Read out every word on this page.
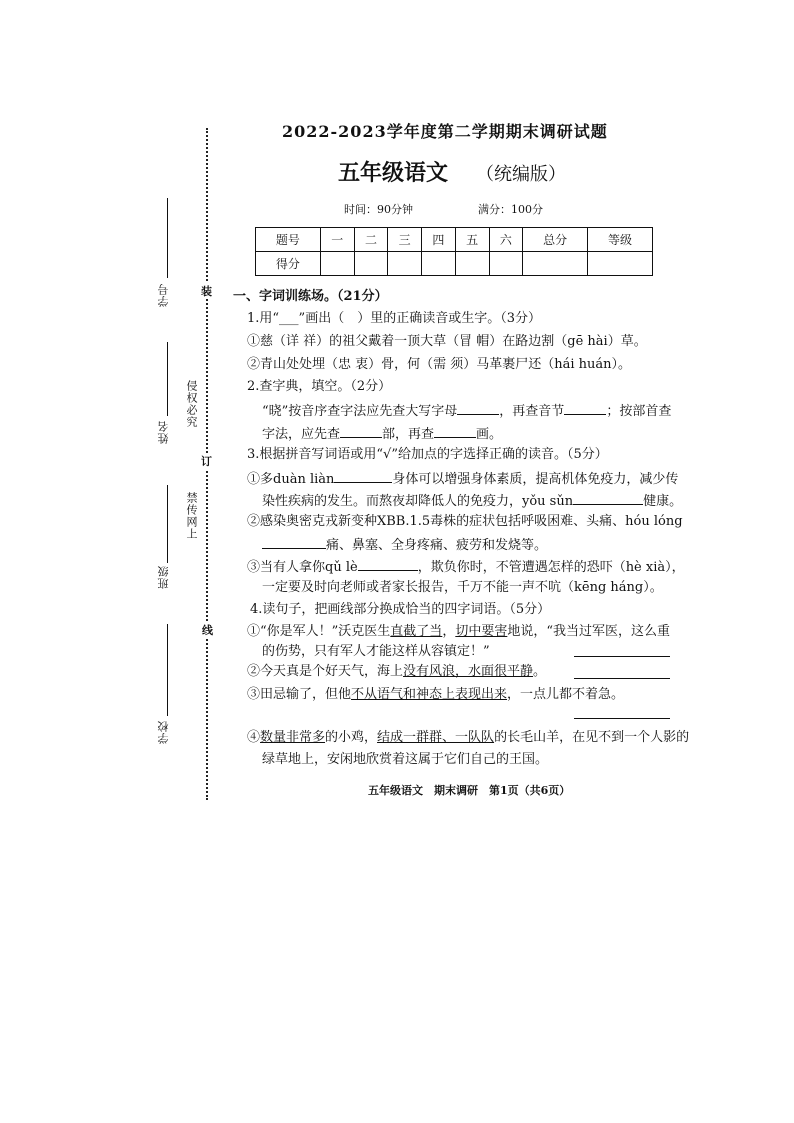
装
订
线
学号
姓名
侵权必究
班级
禁传网上
学校
2022-2023学年度第二学期期末调研试题
五年级语文 （统编版）
时间：90分钟	满分：100分
题号	一	二	三	四	五	六	总分	等级
得分								
一、字词训练场。（21分）
1.用“___”画出（　）里的正确读音或生字。（3分）
①慈（详 祥）的祖父戴着一顶大草（冒 帽）在路边割（gē hài）草。
②青山处处埋（忠 衷）骨，何（需 须）马革裹尸还（hái huán）。
2.查字典，填空。（2分）
“晓”按音序查字法应先查大写字母	，再查音节	；按部首查
字法，应先查	部，再查	画。
3.根据拼音写词语或用“√”给加点的字选择正确的读音。（5分）
①多duàn liàn	身体可以增强身体素质，提高机体免疫力，减少传
染性疾病的发生。而熬夜却降低人的免疫力，yǒu sǔn	健康。
②感染奥密克戎新变种XBB.1.5毒株的症状包括呼吸困难、头痛、hóu lóng
痛、鼻塞、全身疼痛、疲劳和发烧等。
③当有人拿你qǔ lè	，欺负你时，不管遭遇怎样的恐吓（hè xià），
一定要及时向老师或者家长报告，千万不能一声不吭（kēng háng）。
4.读句子，把画线部分换成恰当的四字词语。（5分）
①“你是军人！”沃克医生直截了当，切中要害地说，“我当过军医，这么重
的伤势，只有军人才能这样从容镇定！”
②今天真是个好天气，海上没有风浪，水面很平静。
③田忌输了，但他不从语气和神态上表现出来，一点儿都不着急。
④数量非常多的小鸡，结成一群群、一队队的长毛山羊，在见不到一个人影的
绿草地上，安闲地欣赏着这属于它们自己的王国。
五年级语文　期末调研　第1页（共6页）
